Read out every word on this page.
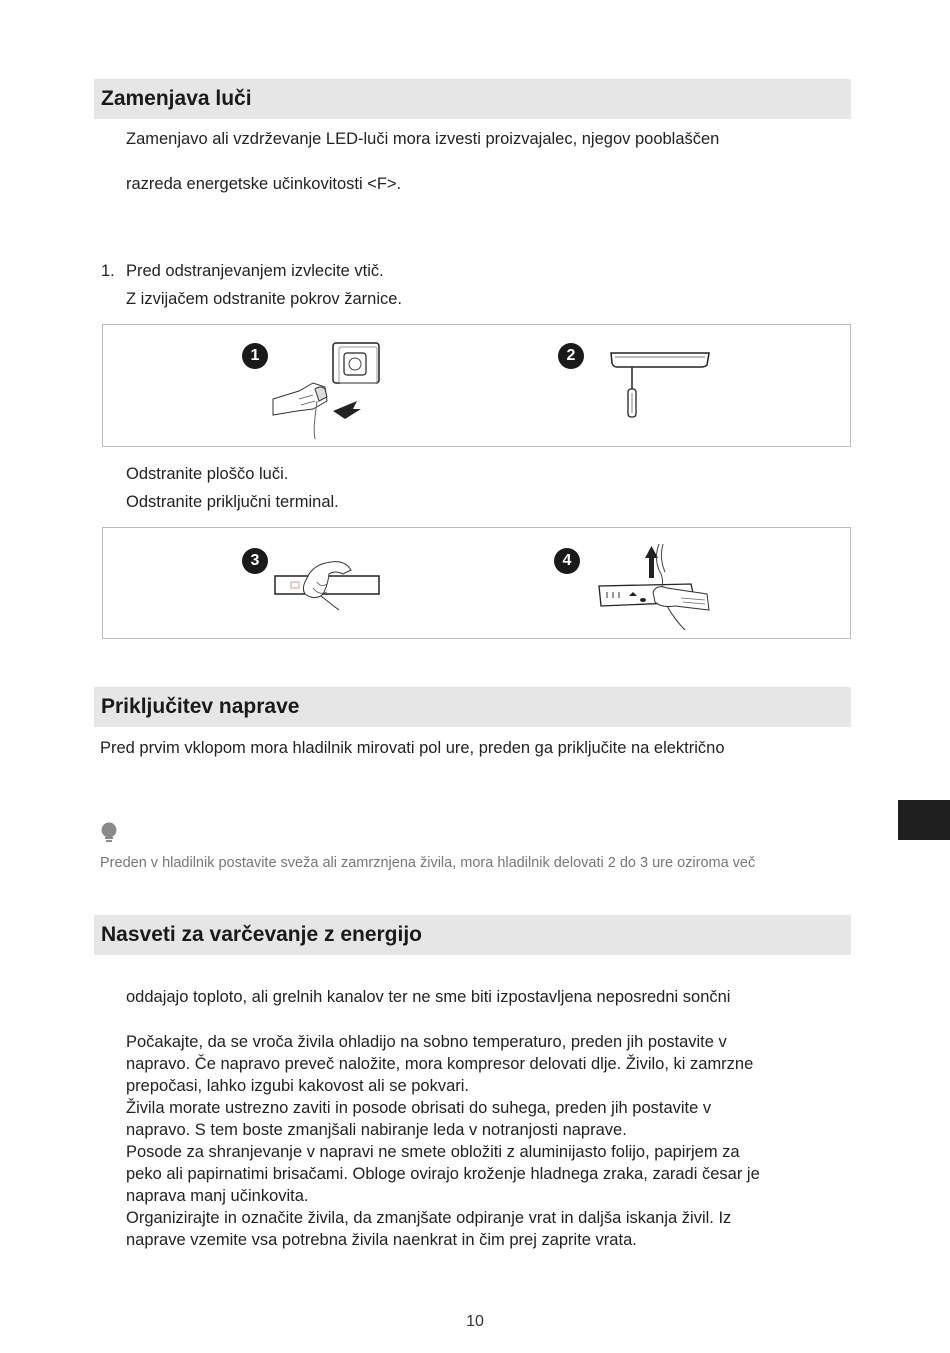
Zamenjava luči
Zamenjavo ali vzdrževanje LED-luči mora izvesti proizvajalec, njegov pooblaščen
razreda energetske učinkovitosti <F>.
1. Pred odstranjevanjem izvlecite vtič.
Z izvijačem odstranite pokrov žarnice.
1	2
Odstranite ploščo luči.
Odstranite priključni terminal.
3	4
Priključitev naprave
Pred prvim vklopom mora hladilnik mirovati pol ure, preden ga priključite na električno
Preden v hladilnik postavite sveža ali zamrznjena živila, mora hladilnik delovati 2 do 3 ure oziroma več
Nasveti za varčevanje z energijo
oddajajo toploto, ali grelnih kanalov ter ne sme biti izpostavljena neposredni sončni
Počakajte, da se vroča živila ohladijo na sobno temperaturo, preden jih postavite v
napravo. Če napravo preveč naložite, mora kompresor delovati dlje. Živilo, ki zamrzne
prepočasi, lahko izgubi kakovost ali se pokvari.
Živila morate ustrezno zaviti in posode obrisati do suhega, preden jih postavite v
napravo. S tem boste zmanjšali nabiranje leda v notranjosti naprave.
Posode za shranjevanje v napravi ne smete obložiti z aluminijasto folijo, papirjem za
peko ali papirnatimi brisačami. Obloge ovirajo kroženje hladnega zraka, zaradi česar je
naprava manj učinkovita.
Organizirajte in označite živila, da zmanjšate odpiranje vrat in daljša iskanja živil. Iz
naprave vzemite vsa potrebna živila naenkrat in čim prej zaprite vrata.
10
